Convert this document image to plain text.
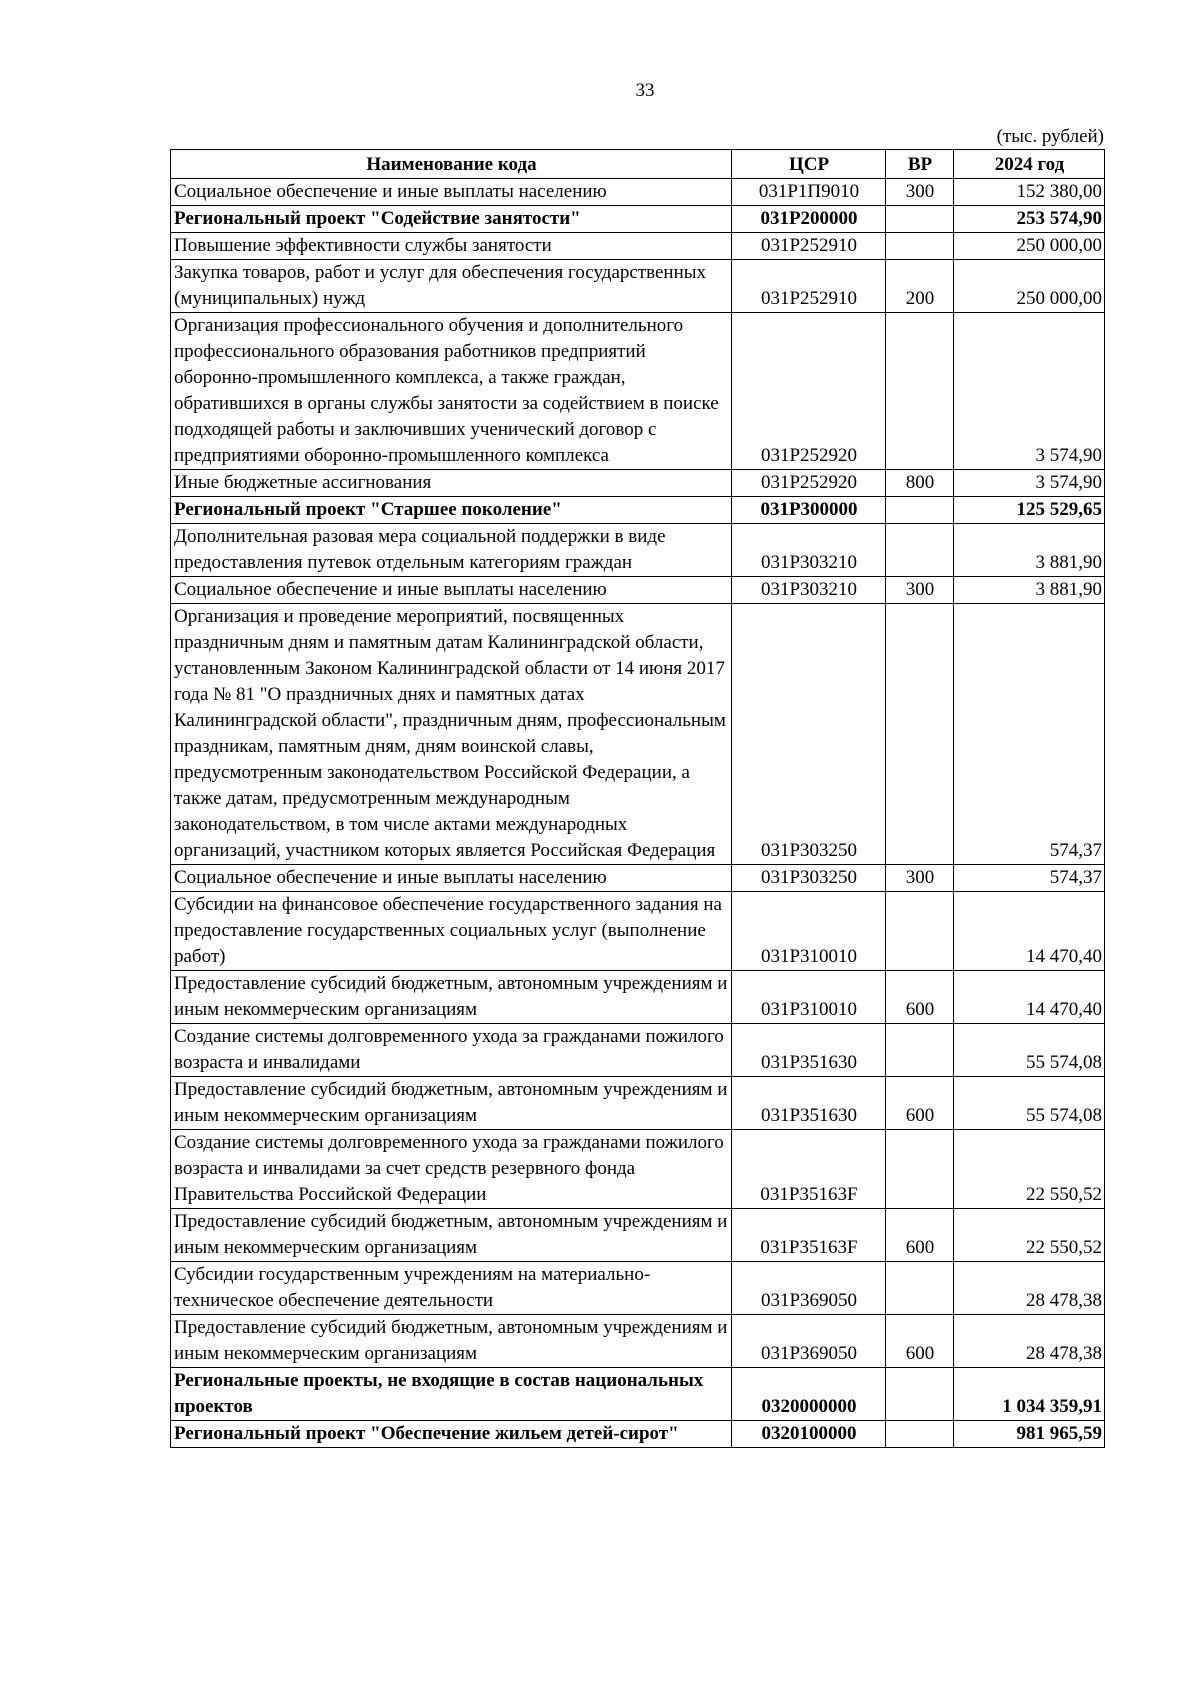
33
(тыс. рублей)
Наименование кода	ЦСР	ВР	2024 год
Социальное обеспечение и иные выплаты населению	031P1П9010	300	152 380,00
Региональный проект "Содействие занятости"	031P200000		253 574,90
Повышение эффективности службы занятости	031P252910		250 000,00
Закупка товаров, работ и услуг для обеспечения государственных (муниципальных) нужд	031P252910	200	250 000,00
Организация профессионального обучения и дополнительного профессионального образования работников предприятий оборонно-промышленного комплекса, а также граждан, обратившихся в органы службы занятости за содействием в поиске подходящей работы и заключивших ученический договор с предприятиями оборонно-промышленного комплекса	031P252920		3 574,90
Иные бюджетные ассигнования	031P252920	800	3 574,90
Региональный проект "Старшее поколение"	031P300000		125 529,65
Дополнительная разовая мера социальной поддержки в виде предоставления путевок отдельным категориям граждан	031P303210		3 881,90
Социальное обеспечение и иные выплаты населению	031P303210	300	3 881,90
Организация и проведение мероприятий, посвященных праздничным дням и памятным датам Калининградской области, установленным Законом Калининградской области от 14 июня 2017 года № 81 "О праздничных днях и памятных датах Калининградской области", праздничным дням, профессиональным праздникам, памятным дням, дням воинской славы, предусмотренным законодательством Российской Федерации, а также датам, предусмотренным международным законодательством, в том числе актами международных организаций, участником которых является Российская Федерация	031P303250		574,37
Социальное обеспечение и иные выплаты населению	031P303250	300	574,37
Субсидии на финансовое обеспечение государственного задания на предоставление государственных социальных услуг (выполнение работ)	031P310010		14 470,40
Предоставление субсидий бюджетным, автономным учреждениям и иным некоммерческим организациям	031P310010	600	14 470,40
Создание системы долговременного ухода за гражданами пожилого возраста и инвалидами	031P351630		55 574,08
Предоставление субсидий бюджетным, автономным учреждениям и иным некоммерческим организациям	031P351630	600	55 574,08
Создание системы долговременного ухода за гражданами пожилого возраста и инвалидами за счет средств резервного фонда Правительства Российской Федерации	031P35163F		22 550,52
Предоставление субсидий бюджетным, автономным учреждениям и иным некоммерческим организациям	031P35163F	600	22 550,52
Субсидии государственным учреждениям на материально-техническое обеспечение деятельности	031P369050		28 478,38
Предоставление субсидий бюджетным, автономным учреждениям и иным некоммерческим организациям	031P369050	600	28 478,38
Региональные проекты, не входящие в состав национальных проектов	0320000000		1 034 359,91
Региональный проект "Обеспечение жильем детей-сирот"	0320100000		981 965,59
